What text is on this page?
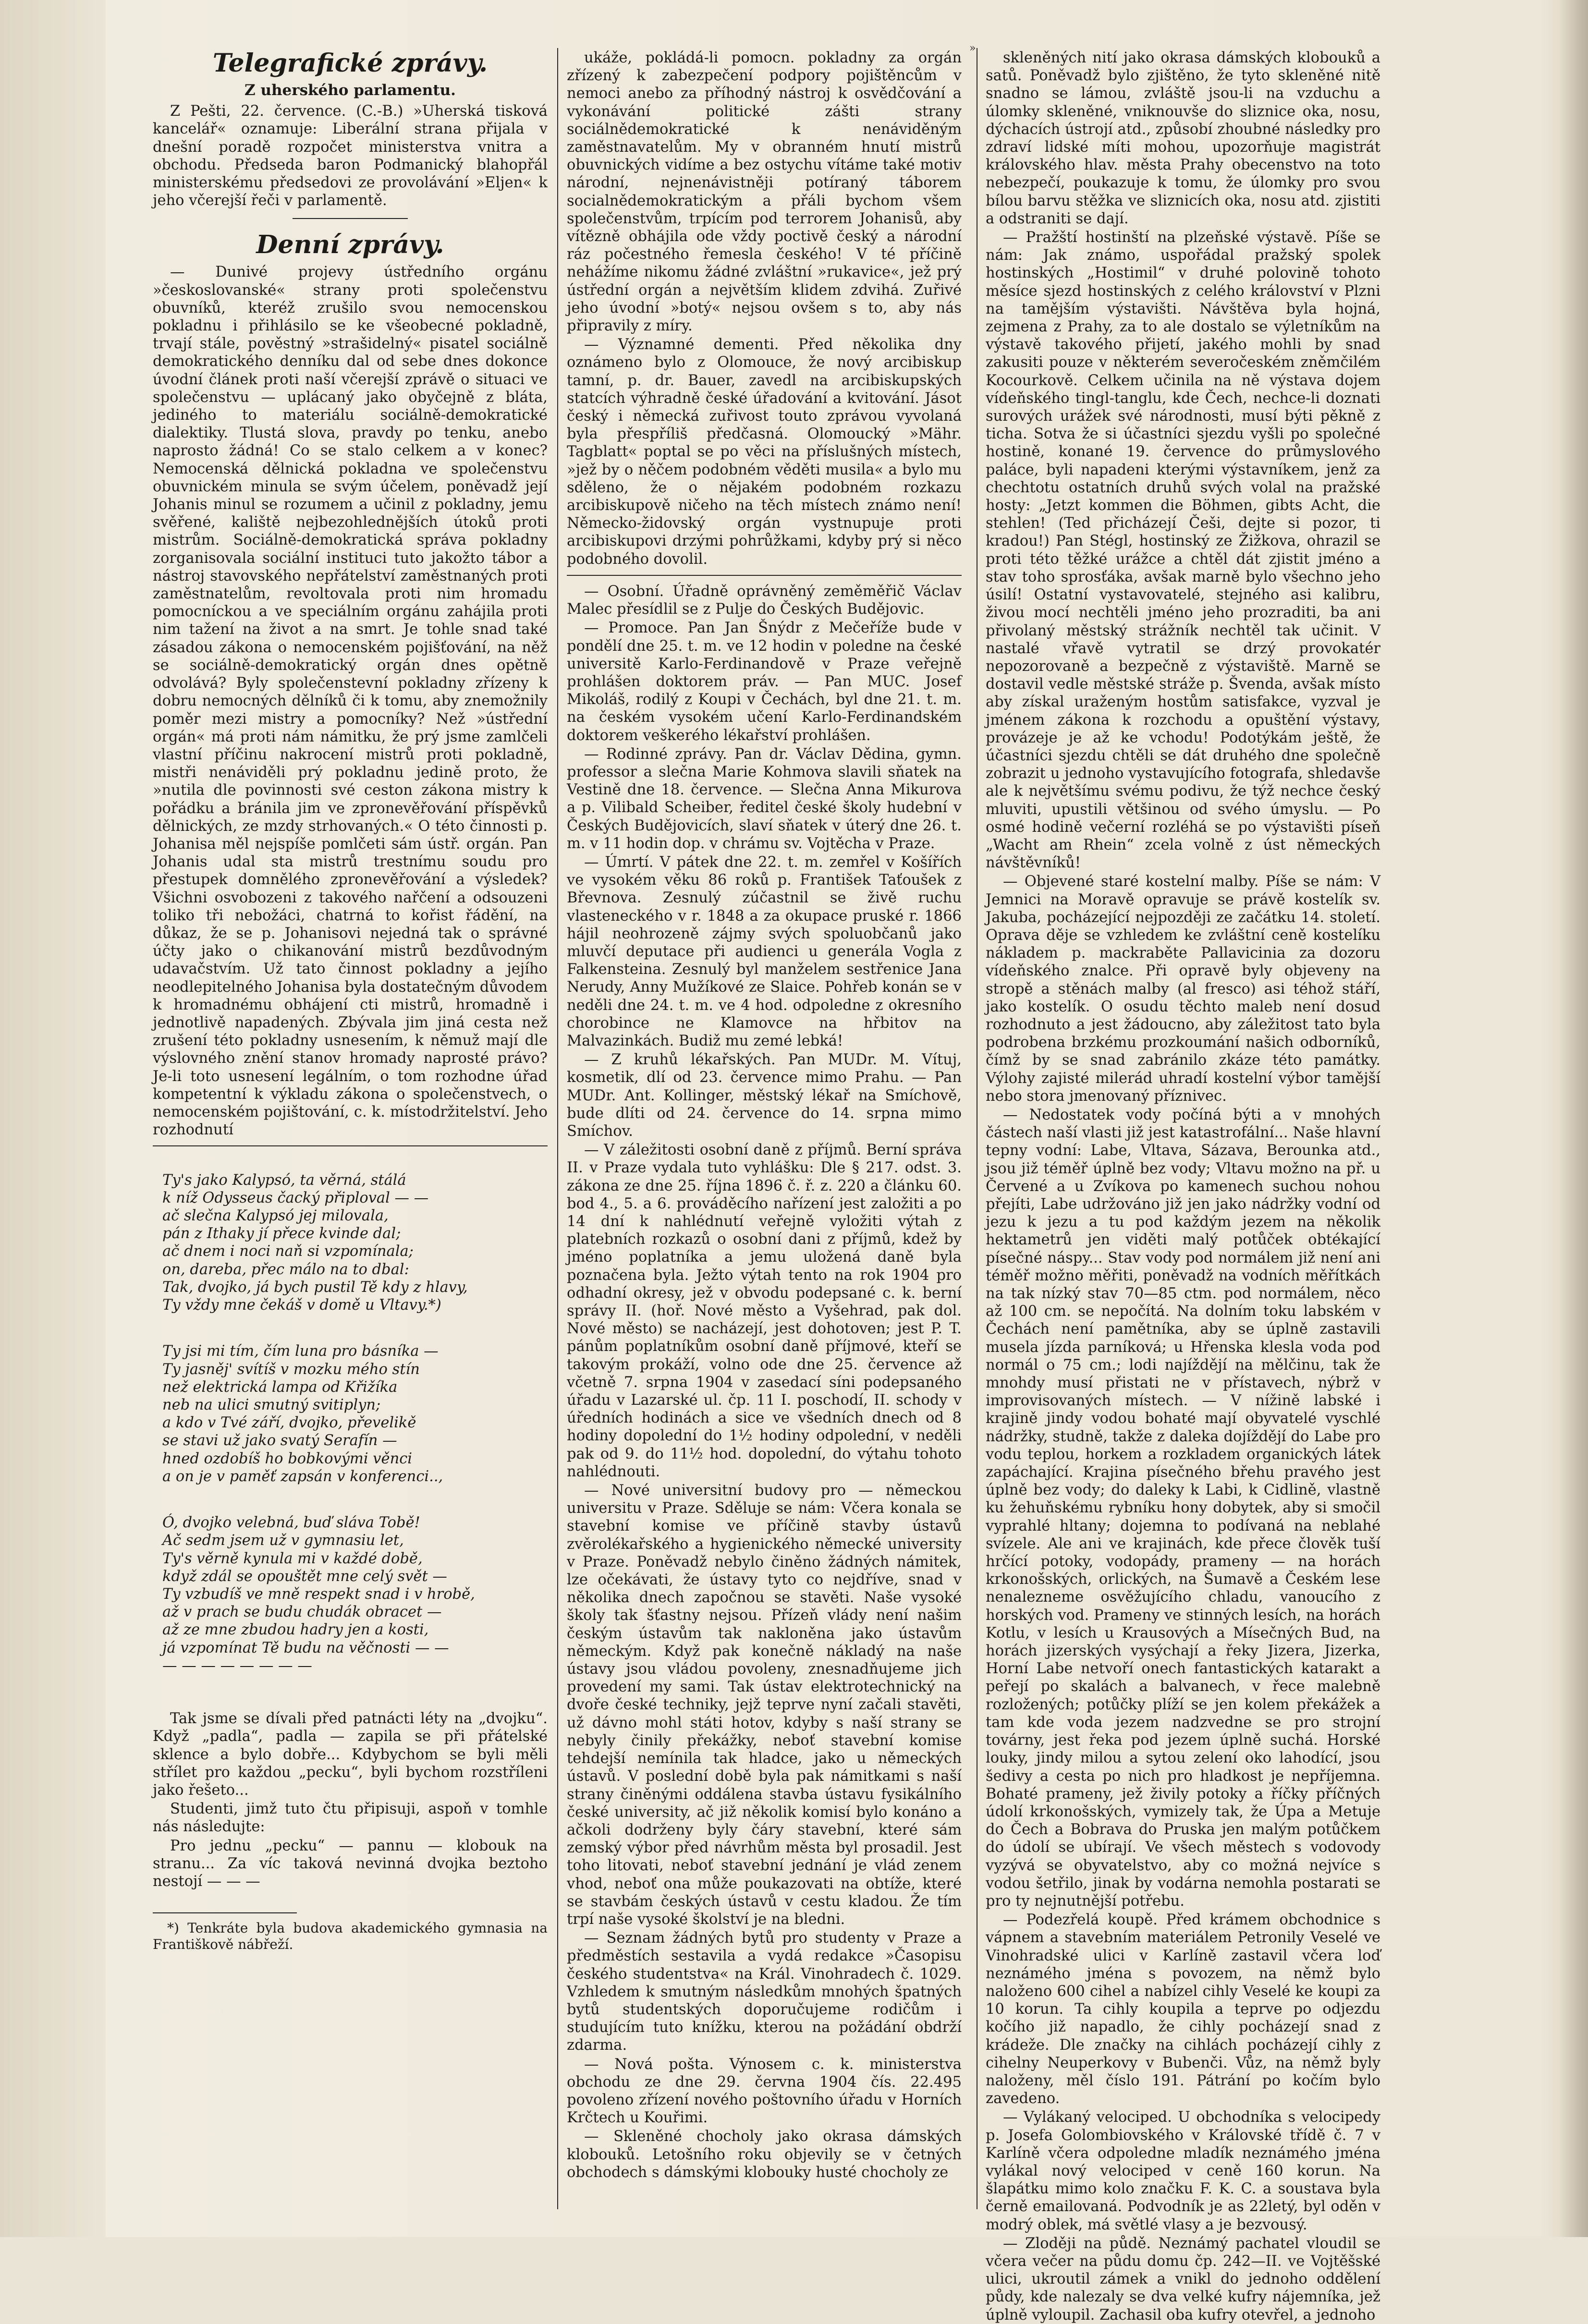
»
Telegrafické zprávy.
Z uherského parlamentu.

Z Pešti, 22. července. (C.-B.) »Uherská tisková kancelář« oznamuje: Liberální strana přijala v dnešní poradě rozpočet ministerstva vnitra a obchodu. Předseda baron Podmanický blahopřál ministerskému předsedovi ze provolávání »Eljen« k jeho včerejší řeči v parlamentě.

Denní zprávy.

— Dunivé projevy ústředního orgánu »českoslovanské« strany proti společenstvu obuvníků, kteréž zrušilo svou nemocenskou pokladnu i přihlásilo se ke všeobecné pokladně, trvají stále, pověstný »strašidelný« pisatel sociálně demokratického denníku dal od sebe dnes dokonce úvodní článek proti naší včerejší zprávě o situaci ve společenstvu — uplácaný jako obyčejně z bláta, jediného to materiálu sociálně-demokratické dialektiky. Tlustá slova, pravdy po tenku, anebo naprosto žádná! Co se stalo celkem a v konec? Nemocenská dělnická pokladna ve společenstvu obuvnickém minula se svým účelem, poněvadž její Johanis minul se rozumem a učinil z pokladny, jemu svěřené, kaliště nejbezohlednějších útoků proti mistrům. Sociálně-demokratická správa pokladny zorganisovala sociální instituci tuto jakožto tábor a nástroj stavovského nepřátelství zaměstnaných proti zaměstnatelům, revoltovala proti nim hromadu pomocníckou a ve speciálním orgánu zahájila proti nim tažení na život a na smrt. Je tohle snad také zásadou zákona o nemocenském pojišťování, na něž se sociálně-demokratický orgán dnes opětně odvolává? Byly společenstevní pokladny zřízeny k dobru nemocných dělníků či k tomu, aby znemožnily poměr mezi mistry a pomocníky? Než »ústřední orgán« má proti nám námitku, že prý jsme zamlčeli vlastní příčinu nakrocení mistrů proti pokladně, mistři nenáviděli prý pokladnu jedině proto, že »nutila dle povinnosti své ceston zákona mistry k pořádku a bránila jim ve zpronevěřování příspěvků dělnických, ze mzdy strhovaných.« O této činnosti p. Johanisa měl nejspíše pomlčeti sám ústř. orgán. Pan Johanis udal sta mistrů trestnímu soudu pro přestupek domnělého zpronevěřování a výsledek? Všichni osvobozeni z takového nařčení a odsouzeni toliko tři nebožáci, chatrná to kořist řádění, na důkaz, že se p. Johanisovi nejedná tak o správné účty jako o chikanování mistrů bezdůvodným udavačstvím. Už tato činnost pokladny a jejího neodlepitelného Johanisa byla dostatečným důvodem k hromadnému obhájení cti mistrů, hromadně i jednotlivě napadených. Zbývala jim jiná cesta než zrušení této pokladny usnesením, k němuž mají dle výslovného znění stanov hromady naprosté právo? Je-li toto usnesení legálním, o tom rozhodne úřad kompetentní k výkladu zákona o společenstvech, o nemocenském pojištování, c. k. místodržitelství. Jeho rozhodnutí

Ty's jako Kalypsó, ta věrná, stálá
k níž Odysseus čacký připloval — —
ač slečna Kalypsó jej milovala,
pán z Ithaky jí přece kvinde dal;
ač dnem i noci naň si vzpomínala;
on, dareba, přec málo na to dbal:
Tak, dvojko, já bych pustil Tě kdy z hlavy,
Ty vždy mne čekáš v domě u Vltavy.*)

Ty jsi mi tím, čím luna pro básníka —
Ty jasněj' svítíš v mozku mého stín
než elektrická lampa od Křižíka
neb na ulici smutný svitiplyn;
a kdo v Tvé září, dvojko, převelikě
se stavi už jako svatý Serafín —
hned ozdobíš ho bobkovými věnci
a on je v paměť zapsán v konferenci..,

Ó, dvojko velebná, buď sláva Tobě!
Ač sedm jsem už v gymnasiu let,
Ty's věrně kynula mi v každé době,
když zdál se opouštět mne celý svět —
Ty vzbudíš ve mně respekt snad i v hrobě,
až v prach se budu chudák obracet —
až ze mne zbudou hadry jen a kosti,
já vzpomínat Tě budu na věčnosti — —
— — — — — — — —

Tak jsme se dívali před patnácti léty na „dvojku“. Když „padla“, padla — zapila se při přátelské sklence a bylo dobře... Kdybychom se byli měli střílet pro každou „pecku“, byli bychom rozstříleni jako řešeto...

Studenti, jimž tuto čtu připisuji, aspoň v tomhle nás následujte:

Pro jednu „pecku“ — pannu — klobouk na stranu... Za víc taková nevinná dvojka beztoho nestojí — — —

*) Tenkráte byla budova akademického gymnasia na Františkově nábřeží.

ukáže, pokládá-li pomocn. pokladny za orgán zřízený k zabezpečení podpory pojištěncům v nemoci anebo za příhodný nástroj k osvědčování a vykonávání politické zášti strany sociálnědemokratické k nenáviděným zaměstnavatelům. My v obranném hnutí mistrů obuvnických vidíme a bez ostychu vítáme také motiv národní, nejnenávistněji potíraný táborem socialnědemokratickým a přáli bychom všem společenstvům, trpícím pod terrorem Johanisů, aby vítězně obhájila ode vždy poctivě český a národní ráz počestného řemesla českého! V té příčině nehážíme nikomu žádné zvláštní »rukavice«, jež prý ústřední orgán a největším klidem zdvihá. Zuřivé jeho úvodní »botý« nejsou ovšem s to, aby nás připravily z míry.

— Významné dementi. Před několika dny oznámeno bylo z Olomouce, že nový arcibiskup tamní, p. dr. Bauer, zavedl na arcibiskupských statcích výhradně české úřadování a kvitování. Jásot český i německá zuřivost touto zprávou vyvolaná byla přespříliš předčasná. Olomoucký »Mähr. Tagblatt« poptal se po věci na příslušných místech, »jež by o něčem podobném věděti musila« a bylo mu sděleno, že o nějakém podobném rozkazu arcibiskupově ničeho na těch místech známo není! Německo-židovský orgán vystnupuje proti arcibiskupovi drzými pohrůžkami, kdyby prý si něco podobného dovolil.

— Osobní. Úřadně oprávněný zeměměřič Václav Malec přesídlil se z Pulje do Českých Budějovic.

— Promoce. Pan Jan Šnýdr z Mečeříže bude v pondělí dne 25. t. m. ve 12 hodin v poledne na české universitě Karlo-Ferdinandově v Praze veřejně prohlášen doktorem práv. — Pan MUC. Josef Mikoláš, rodilý z Koupi v Čechách, byl dne 21. t. m. na českém vysokém učení Karlo-Ferdinandském doktorem veškerého lékařství prohlášen.

— Rodinné zprávy. Pan dr. Václav Dědina, gymn. professor a slečna Marie Kohmova slavili sňatek na Vestině dne 18. července. — Slečna Anna Mikurova a p. Vilibald Scheiber, ředitel české školy hudební v Českých Budějovicích, slaví sňatek v úterý dne 26. t. m. v 11 hodin dop. v chrámu sv. Vojtěcha v Praze.

— Úmrtí. V pátek dne 22. t. m. zemřel v Košířích ve vysokém věku 86 roků p. František Taťoušek z Břevnova. Zesnulý zúčastnil se živě ruchu vlasteneckého v r. 1848 a za okupace pruské r. 1866 hájil neohrozeně zájmy svých spoluobčanů jako mluvčí deputace při audienci u generála Vogla z Falkensteina. Zesnulý byl manželem sestřenice Jana Nerudy, Anny Mužíkové ze Slaice. Pohřeb konán se v neděli dne 24. t. m. ve 4 hod. odpoledne z okresního chorobince ne Klamovce na hřbitov na Malvazinkách. Budiž mu zemé lebká!

— Z kruhů lékařských. Pan MUDr. M. Vítuj, kosmetik, dlí od 23. července mimo Prahu. — Pan MUDr. Ant. Kollinger, městský lékař na Smíchově, bude dlíti od 24. července do 14. srpna mimo Smíchov.

— V záležitosti osobní daně z příjmů. Berní správa II. v Praze vydala tuto vyhlášku: Dle § 217. odst. 3. zákona ze dne 25. října 1896 č. ř. z. 220 a článku 60. bod 4., 5. a 6. prováděcího nařízení jest založiti a po 14 dní k nahlédnutí veřejně vyložiti výtah z platebních rozkazů o osobní dani z příjmů, kdež by jméno poplatníka a jemu uložená daně byla poznačena byla. Ježto výtah tento na rok 1904 pro odhadní okresy, jež v obvodu podepsané c. k. berní správy II. (hoř. Nové město a Vyšehrad, pak dol. Nové město) se nacházejí, jest dohotoven; jest P. T. pánům poplatníkům osobní daně příjmové, kteří se takovým prokáží, volno ode dne 25. července až včetně 7. srpna 1904 v zasedací síni podepsaného úřadu v Lazarské ul. čp. 11 I. poschodí, II. schody v úředních hodinách a sice ve všedních dnech od 8 hodiny dopolední do 1½ hodiny odpolední, v neděli pak od 9. do 11½ hod. dopolední, do výtahu tohoto nahlédnouti.

— Nové universitní budovy pro — německou universitu v Praze. Sděluje se nám: Včera konala se stavební komise ve příčině stavby ústavů zvěrolékařského a hygienického německé university v Praze. Poněvadž nebylo činěno žádných námitek, lze očekávati, že ústavy tyto co nejdříve, snad v několika dnech započnou se stavěti. Naše vysoké školy tak šťastny nejsou. Přízeň vlády není našim českým ústavům tak nakloněna jako ústavům německým. Když pak konečně nákladý na naše ústavy jsou vládou povoleny, znesnadňujeme jich provedení my sami. Tak ústav elektrotechnický na dvoře české techniky, jejž teprve nyní začali stavěti, už dávno mohl státi hotov, kdyby s naší strany se nebyly činily překážky, neboť stavební komise tehdejší nemínila tak hladce, jako u německých ústavů. V poslední době byla pak námitkami s naší strany činěnými oddálena stavba ústavu fysikálního české university, ač již několik komisí bylo konáno a ačkoli dodrženy byly čáry stavební, které sám zemský výbor před návrhům města byl prosadil. Jest toho litovati, neboť stavební jednání je vlád zenem vhod, neboť ona může poukazovati na obtíže, které se stavbám českých ústavů v cestu kladou. Že tím trpí naše vysoké školství je na bledni.

— Seznam žádných bytů pro studenty v Praze a předměstích sestavila a vydá redakce »Časopisu českého studentstva« na Král. Vinohradech č. 1029. Vzhledem k smutným následkům mnohých špatných bytů studentských doporučujeme rodičům i studujícím tuto knížku, kterou na požádání obdrží zdarma.

— Nová pošta. Výnosem c. k. ministerstva obchodu ze dne 29. června 1904 čís. 22.495 povoleno zřízení nového poštovního úřadu v Horních Krčtech u Kouřimi.

— Skleněné chocholy jako okrasa dámských klobouků. Letošního roku objevily se v četných obchodech s dámskými klobouky husté chocholy ze

skleněných nití jako okrasa dámských klobouků a satů. Poněvadž bylo zjištěno, že tyto skleněné nitě snadno se lámou, zvláště jsou-li na vzduchu a úlomky skleněné, vniknouvše do sliznice oka, nosu, dýchacích ústrojí atd., způsobí zhoubné následky pro zdraví lidské míti mohou, upozorňuje magistrát královského hlav. města Prahy obecenstvo na toto nebezpečí, poukazuje k tomu, že úlomky pro svou bílou barvu stěžka ve sliznicích oka, nosu atd. zjistiti a odstraniti se dají.

— Pražští hostinští na plzeňské výstavě. Píše se nám: Jak známo, uspořádal pražský spolek hostinských „Hostimil“ v druhé polovině tohoto měsíce sjezd hostinských z celého království v Plzni na tamějším výstavišti. Návštěva byla hojná, zejmena z Prahy, za to ale dostalo se výletníkům na výstavě takového přijetí, jakého mohli by snad zakusiti pouze v některém severočeském zněmčilém Kocourkově. Celkem učinila na ně výstava dojem vídeňského tingl-tanglu, kde Čech, nechce-li doznati surových urážek své národnosti, musí býti pěkně z ticha. Sotva že si účastníci sjezdu vyšli po společné hostině, konané 19. července do průmyslového paláce, byli napadeni kterými výstavníkem, jenž za chechtotu ostatních druhů svých volal na pražské hosty: „Jetzt kommen die Böhmen, gibts Acht, die stehlen! (Ted přicházejí Češi, dejte si pozor, ti kradou!) Pan Stégl, hostinský ze Žižkova, ohrazil se proti této těžké urážce a chtěl dát zjistit jméno a stav toho sprosťáka, avšak marně bylo všechno jeho úsilí! Ostatní vystavovatelé, stejného asi kalibru, živou mocí nechtěli jméno jeho prozraditi, ba ani přivolaný městský strážník nechtěl tak učinit. V nastalé vřavě vytratil se drzý provokatér nepozorovaně a bezpečně z výstaviště. Marně se dostavil vedle městské stráže p. Švenda, avšak místo aby získal uraženým hostům satisfakce, vyzval je jménem zákona k rozchodu a opuštění výstavy, provázeje je až ke vchodu! Podotýkám ještě, že účastníci sjezdu chtěli se dát druhého dne společně zobrazit u jednoho vystavujícího fotografa, shledavše ale k největšímu svému podivu, že týž nechce český mluviti, upustili většinou od svého úmyslu. — Po osmé hodině večerní rozléhá se po výstavišti píseň „Wacht am Rhein“ zcela volně z úst německých návštěvníků!

— Objevené staré kostelní malby. Píše se nám: V Jemnici na Moravě opravuje se právě kostelík sv. Jakuba, pocházející nejpozději ze začátku 14. století. Oprava děje se vzhledem ke zvláštní ceně kostelíku nákladem p. mackraběte Pallavicinia za dozoru vídeňského znalce. Při opravě byly objeveny na stropě a stěnách malby (al fresco) asi téhož stáří, jako kostelík. O osudu těchto maleb není dosud rozhodnuto a jest žádoucno, aby záležitost tato byla podrobena brzkému prozkoumání našich odborníků, čímž by se snad zabránilo zkáze této památky. Výlohy zajisté milerád uhradí kostelní výbor tamější nebo stora jmenovaný příznivec.

— Nedostatek vody počíná býti a v mnohých částech naší vlasti již jest katastrofální... Naše hlavní tepny vodní: Labe, Vltava, Sázava, Berounka atd., jsou již téměř úplně bez vody; Vltavu možno na př. u Červené a u Zvíkova po kamenech suchou nohou přejíti, Labe udržováno již jen jako nádržky vodní od jezu k jezu a tu pod každým jezem na několik hektametrů jen viděti malý potůček obtékající písečné náspy... Stav vody pod normálem již není ani téměř možno měřiti, poněvadž na vodních měřítkách na tak nízký stav 70—85 ctm. pod normálem, něco až 100 cm. se nepočítá. Na dolním toku labském v Čechách není pamětníka, aby se úplně zastavili musela jízda parníková; u Hřenska klesla voda pod normál o 75 cm.; lodi najíždějí na mělčinu, tak že mnohdy musí přistati ne v přístavech, nýbrž v improvisovaných místech. — V nížině labské i krajině jindy vodou bohaté mají obyvatelé vyschlé nádržky, studně, takže z daleka dojíždějí do Labe pro vodu teplou, horkem a rozkladem organických látek zapáchající. Krajina písečného břehu pravého jest úplně bez vody; do daleky k Labi, k Cidlině, vlastně ku žehuňskému rybníku hony dobytek, aby si smočil vyprahlé hltany; dojemna to podívaná na neblahé svízele. Ale ani ve krajinách, kde přece člověk tuší hrčící potoky, vodopády, prameny — na horách krkonošských, orlických, na Šumavě a Českém lese nenalezneme osvěžujícího chladu, vanoucího z horských vod. Prameny ve stinných lesích, na horách Kotlu, v lesích u Krausových a Mísečných Bud, na horách jizerských vysýchají a řeky Jizera, Jizerka, Horní Labe netvoří onech fantastických katarakt a peřejí po skalách a balvanech, v řece malebně rozložených; potůčky plíží se jen kolem překážek a tam kde voda jezem nadzvedne se pro strojní továrny, jest řeka pod jezem úplně suchá. Horské louky, jindy milou a sytou zelení oko lahodící, jsou šedivy a cesta po nich pro hladkost je nepříjemna. Bohaté prameny, jež živily potoky a říčky příčných údolí krkonošských, vymizely tak, že Úpa a Metuje do Čech a Bobrava do Pruska jen malým potůčkem do údolí se ubírají. Ve všech městech s vodovody vyzývá se obyvatelstvo, aby co možná nejvíce s vodou šetřilo, jinak by vodárna nemohla postarati se pro ty nejnutnější potřebu.

— Podezřelá koupě. Před krámem obchodnice s vápnem a stavebním materiálem Petronily Veselé ve Vinohradské ulici v Karlíně zastavil včera loď neznámého jména s povozem, na němž bylo naloženo 600 cihel a nabízel cihly Veselé ke koupi za 10 korun. Ta cihly koupila a teprve po odjezdu kočího již napadlo, že cihly pocházejí snad z krádeže. Dle značky na cihlách pocházejí cihly z cihelny Neuperkovy v Bubenči. Vůz, na němž byly naloženy, měl číslo 191. Pátrání po kočím bylo zavedeno.

— Vylákaný velociped. U obchodníka s velocipedy p. Josefa Golombiovského v Královské třídě č. 7 v Karlíně včera odpoledne mladík neznámého jména vylákal nový velociped v ceně 160 korun. Na šlapátku mimo kolo značku F. K. C. a soustava byla černě emailovaná. Podvodník je as 22letý, byl oděn v modrý oblek, má světlé vlasy a je bezvousý.

— Zloději na půdě. Neznámý pachatel vloudil se včera večer na půdu domu čp. 242—II. ve Vojtěšské ulici, ukroutil zámek a vnikl do jednoho oddělení půdy, kde nalezaly se dva velké kufry nájemníka, jež úplně vyloupil. Zachasil oba kufry otevřel, a jednoho
